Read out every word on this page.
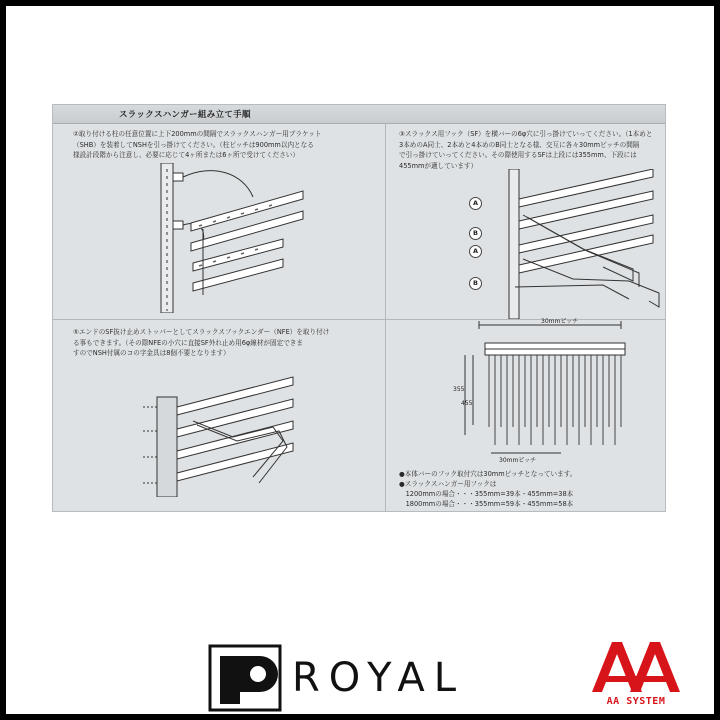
スラックスハンガー組み立て手順
②取り付ける柱の任意位置に上下200mmの間隔でスラックスハンガー用ブラケット
（SHB）を装着してNSHを引っ掛けてください。（柱ピッチは900mm以内となる
様設計段階から注意し、必要に応じて4ヶ所または6ヶ所で受けてください）
③スラックス用フック（SF）を横バーの6φ穴に引っ掛けていってください。（1本めと
3本めのA同士、2本めと4本めのB同士となる様、交互に各々30mmピッチの間隔
で引っ掛けていってください。その際使用するSFは上段には355mm、下段には
455mmが適しています）
⑤エンドのSF抜け止めストッパーとしてスラックスフックエンダー（NFE）を取り付け
る事もできます。（その際NFEの小穴に直接SF外れ止め用6φ線材が固定できま
すのでNSH付属のコの字金具は8個不要となります）
A
B
A
B
30mmピッチ
355
455
30mmピッチ
●本体バーのフック取付穴は30mmピッチとなっています。
●スラックスハンガー用フックは
　1200mmの場合・・・355mm=39本・455mm=38本
　1800mmの場合・・・355mm=59本・455mm=58本
ROYAL
AA SYSTEM
